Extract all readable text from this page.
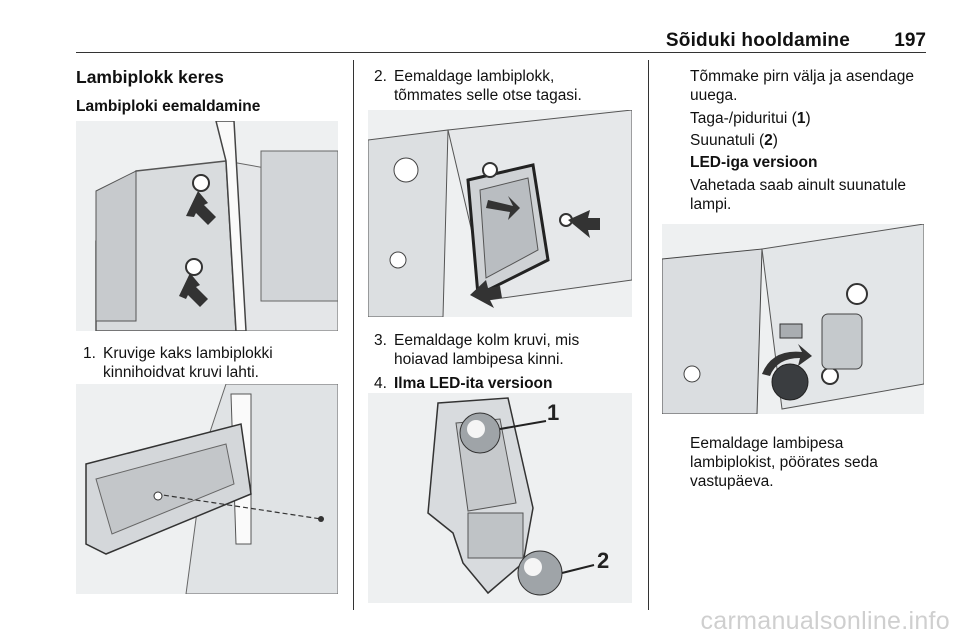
Sõiduki hooldamine 197
Lambiplokk keres
Lambiploki eemaldamine
1. Kruvige kaks lambiplokki
kinnihoidvat kruvi lahti.
2. Eemaldage lambiplokk,
tõmmates selle otse tagasi.
3. Eemaldage kolm kruvi, mis
hoiavad lambipesa kinni.
4. Ilma LED-ita versioon
1
2
Tõmmake pirn välja ja asendage
uuega.
Taga-/piduritui (1)
Suunatuli (2)
LED-iga versioon
Vahetada saab ainult suunatule
lampi.
Eemaldage lambipesa
lambiplokist, pöörates seda
vastupäeva.
carmanualsonline.info
